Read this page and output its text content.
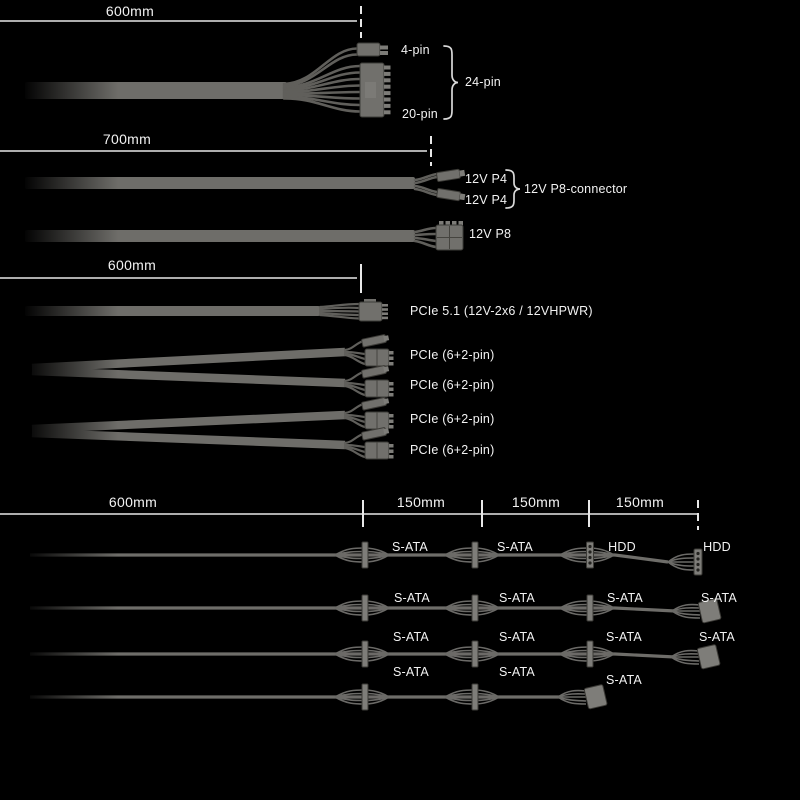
600mm
4-pin
20-pin
24-pin
700mm
12V P4
12V P4
12V P8-connector
12V P8
600mm
PCIe 5.1 (12V-2x6 / 12VHPWR)
PCIe (6+2-pin)
PCIe (6+2-pin)
PCIe (6+2-pin)
PCIe (6+2-pin)
600mm	150mm	150mm	150mm
S-ATA	S-ATA	HDD	HDD
S-ATA	S-ATA	S-ATA	S-ATA
S-ATA	S-ATA	S-ATA	S-ATA
S-ATA	S-ATA
S-ATA
